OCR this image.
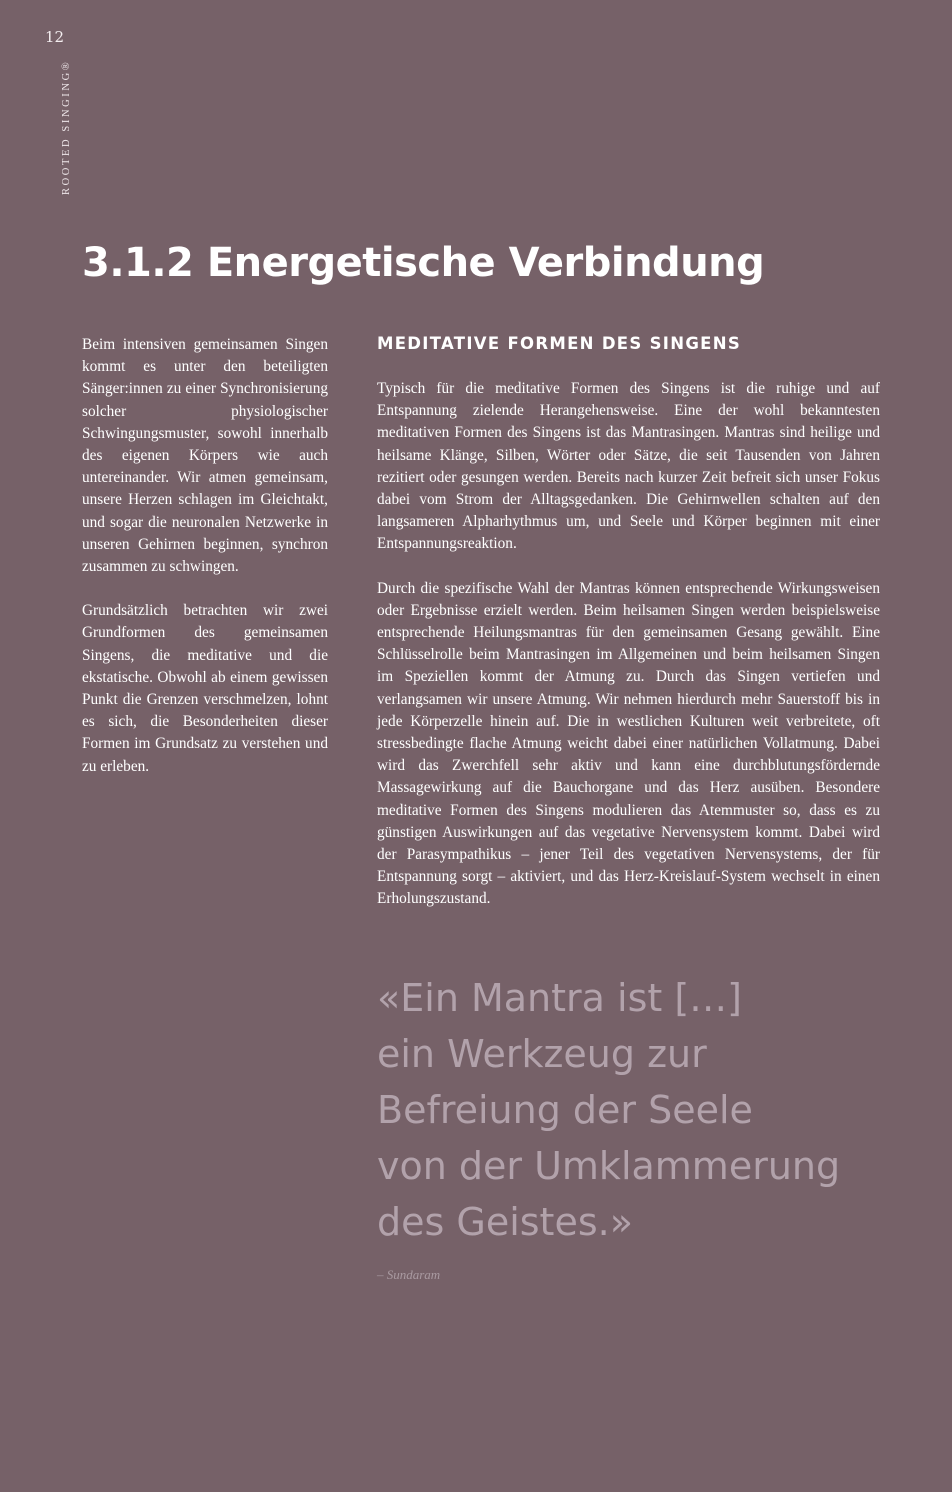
12
ROOTED SINGING®
3.1.2 Energetische Verbindung

Beim intensiven gemeinsamen Singen kommt es unter den beteiligten Sänger:innen zu einer Synchronisierung solcher physiologischer Schwingungsmuster, sowohl innerhalb des eigenen Körpers wie auch untereinander. Wir atmen gemeinsam, unsere Herzen schlagen im Gleichtakt, und sogar die neuronalen Netzwerke in unseren Gehirnen beginnen, synchron zusammen zu schwingen.

Grundsätzlich betrachten wir zwei Grundformen des gemeinsamen Singens, die meditative und die ekstatische. Obwohl ab einem gewissen Punkt die Grenzen verschmelzen, lohnt es sich, die Besonderheiten dieser Formen im Grundsatz zu verstehen und zu erleben.

MEDITATIVE FORMEN DES SINGENS

Typisch für die meditative Formen des Singens ist die ruhige und auf Entspannung zielende Herangehensweise. Eine der wohl bekanntesten meditativen Formen des Singens ist das Mantrasingen. Mantras sind heilige und heilsame Klänge, Silben, Wörter oder Sätze, die seit Tausenden von Jahren rezitiert oder gesungen werden. Bereits nach kurzer Zeit befreit sich unser Fokus dabei vom Strom der Alltagsgedanken. Die Gehirnwellen schalten auf den langsameren Alpharhythmus um, und Seele und Körper beginnen mit einer Entspannungsreaktion.

Durch die spezifische Wahl der Mantras können entsprechende Wirkungsweisen oder Ergebnisse erzielt werden. Beim heilsamen Singen werden beispielsweise entsprechende Heilungsmantras für den gemeinsamen Gesang gewählt. Eine Schlüsselrolle beim Mantrasingen im Allgemeinen und beim heilsamen Singen im Speziellen kommt der Atmung zu. Durch das Singen vertiefen und verlangsamen wir unsere Atmung. Wir nehmen hierdurch mehr Sauerstoff bis in jede Körperzelle hinein auf. Die in westlichen Kulturen weit verbreitete, oft stressbedingte flache Atmung weicht dabei einer natürlichen Vollatmung. Dabei wird das Zwerchfell sehr aktiv und kann eine durchblutungsfördernde Massagewirkung auf die Bauchorgane und das Herz ausüben. Besondere meditative Formen des Singens modulieren das Atemmuster so, dass es zu günstigen Auswirkungen auf das vegetative Nervensystem kommt. Dabei wird der Parasympathikus – jener Teil des vegetativen Nervensystems, der für Entspannung sorgt – aktiviert, und das Herz-Kreislauf-System wechselt in einen Erholungszustand.

«Ein Mantra ist […]
ein Werkzeug zur
Befreiung der Seele
von der Umklammerung
des Geistes.»

– Sundaram
